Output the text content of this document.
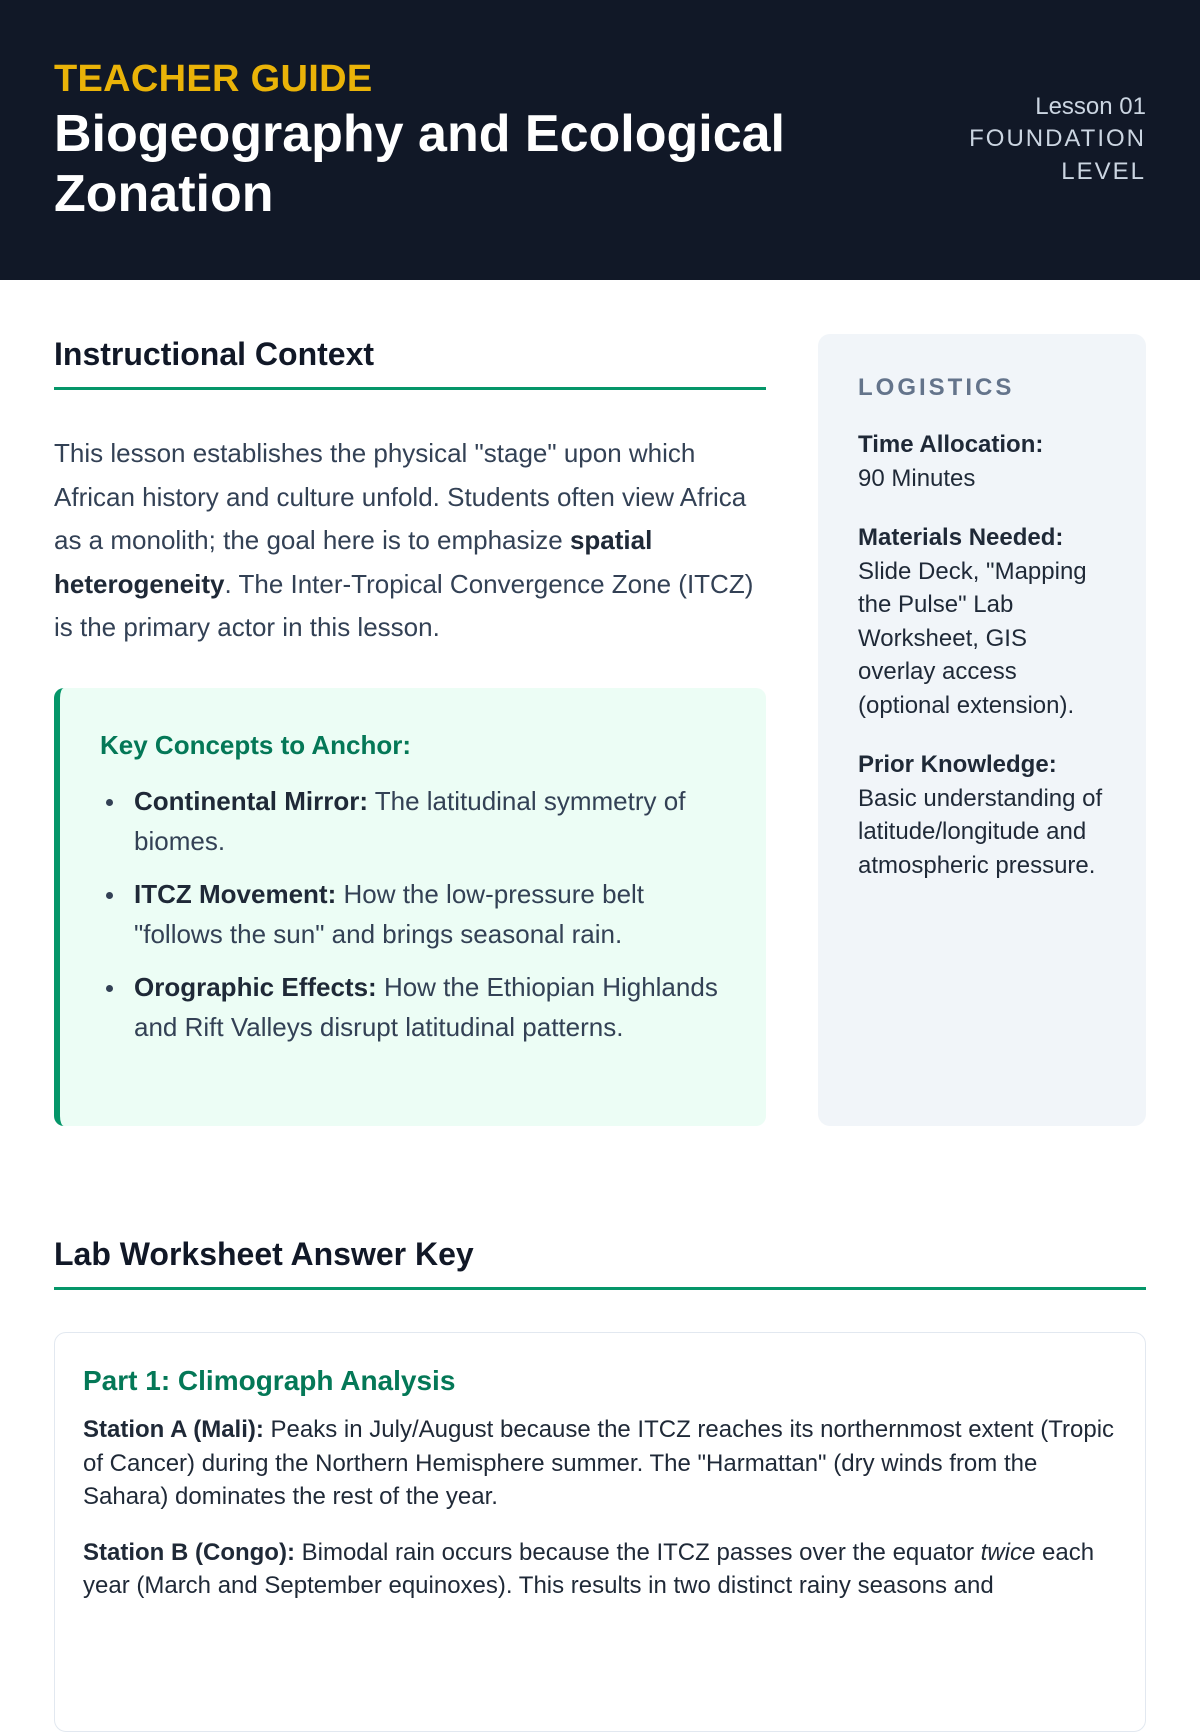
TEACHER GUIDE
Biogeography and Ecological Zonation
Lesson 01
FOUNDATION LEVEL
Instructional Context

This lesson establishes the physical "stage" upon which African history and culture unfold. Students often view Africa as a monolith; the goal here is to emphasize spatial heterogeneity. The Inter-Tropical Convergence Zone (ITCZ) is the primary actor in this lesson.

Key Concepts to Anchor:
Continental Mirror: The latitudinal symmetry of biomes.
ITCZ Movement: How the low-pressure belt "follows the sun" and brings seasonal rain.
Orographic Effects: How the Ethiopian Highlands and Rift Valleys disrupt latitudinal patterns.
LOGISTICS
Time Allocation:
90 Minutes
Materials Needed:
Slide Deck, "Mapping the Pulse" Lab Worksheet, GIS overlay access (optional extension).
Prior Knowledge:
Basic understanding of latitude/longitude and atmospheric pressure.
Lab Worksheet Answer Key
Part 1: Climograph Analysis

Station A (Mali): Peaks in July/August because the ITCZ reaches its northernmost extent (Tropic of Cancer) during the Northern Hemisphere summer. The "Harmattan" (dry winds from the Sahara) dominates the rest of the year.

Station B (Congo): Bimodal rain occurs because the ITCZ passes over the equator twice each year (March and September equinoxes). This results in two distinct rainy seasons and
